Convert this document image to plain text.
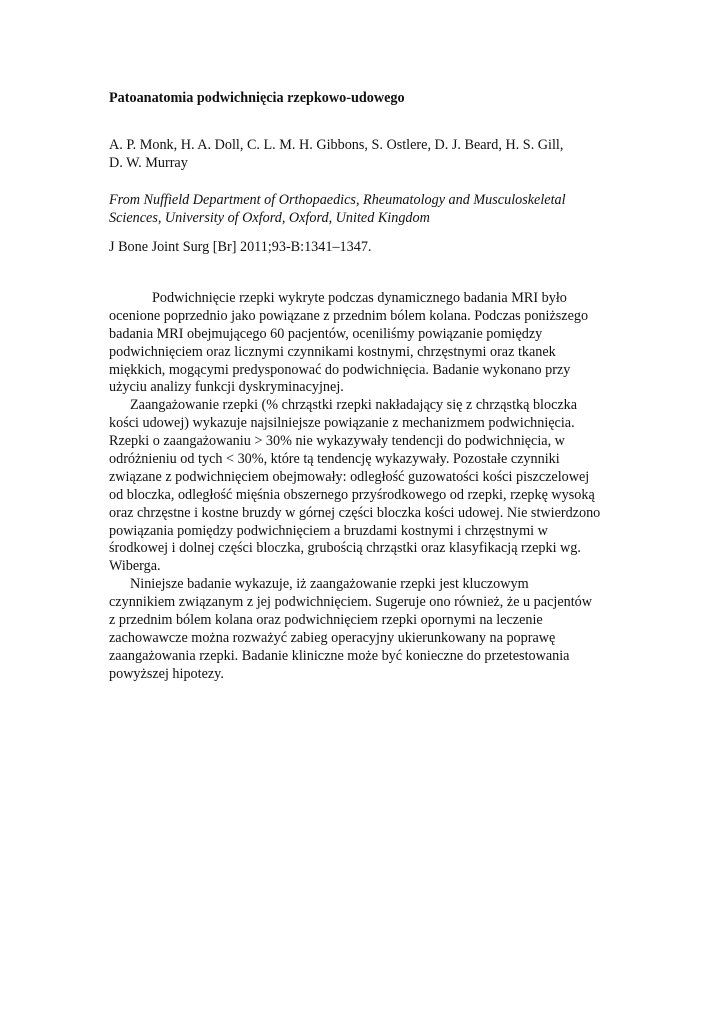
Patoanatomia podwichnięcia rzepkowo-udowego
A. P. Monk, H. A. Doll, C. L. M. H. Gibbons, S. Ostlere, D. J. Beard, H. S. Gill,
D. W. Murray
From Nuffield Department of Orthopaedics, Rheumatology and Musculoskeletal
Sciences, University of Oxford, Oxford, United Kingdom
J Bone Joint Surg [Br] 2011;93-B:1341–1347.
Podwichnięcie rzepki wykryte podczas dynamicznego badania MRI było
ocenione poprzednio jako powiązane z przednim bólem kolana. Podczas poniższego
badania MRI obejmującego 60 pacjentów, oceniliśmy powiązanie pomiędzy
podwichnięciem oraz licznymi czynnikami kostnymi, chrzęstnymi oraz tkanek
miękkich, mogącymi predysponować do podwichnięcia. Badanie wykonano przy
użyciu analizy funkcji dyskryminacyjnej.
Zaangażowanie rzepki (% chrząstki rzepki nakładający się z chrząstką bloczka
kości udowej) wykazuje najsilniejsze powiązanie z mechanizmem podwichnięcia.
Rzepki o zaangażowaniu > 30% nie wykazywały tendencji do podwichnięcia, w
odróżnieniu od tych < 30%, które tą tendencję wykazywały. Pozostałe czynniki
związane z podwichnięciem obejmowały: odległość guzowatości kości piszczelowej
od bloczka, odległość mięśnia obszernego przyśrodkowego od rzepki, rzepkę wysoką
oraz chrzęstne i kostne bruzdy w górnej części bloczka kości udowej. Nie stwierdzono
powiązania pomiędzy podwichnięciem a bruzdami kostnymi i chrzęstnymi w
środkowej i dolnej części bloczka, grubością chrząstki oraz klasyfikacją rzepki wg.
Wiberga.
Niniejsze badanie wykazuje, iż zaangażowanie rzepki jest kluczowym
czynnikiem związanym z jej podwichnięciem. Sugeruje ono również, że u pacjentów
z przednim bólem kolana oraz podwichnięciem rzepki opornymi na leczenie
zachowawcze można rozważyć zabieg operacyjny ukierunkowany na poprawę
zaangażowania rzepki. Badanie kliniczne może być konieczne do przetestowania
powyższej hipotezy.
